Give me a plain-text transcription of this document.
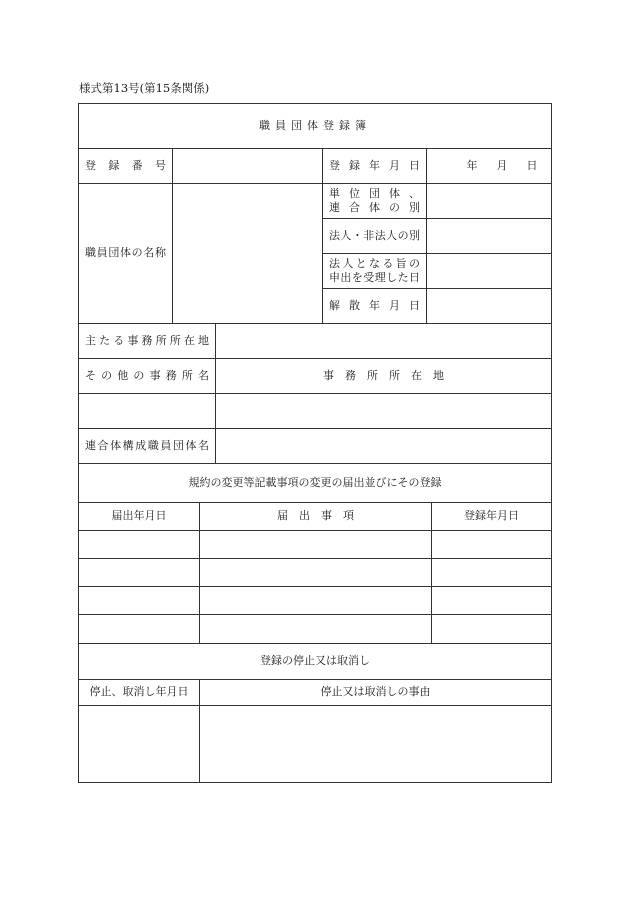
様式第13号(第15条関係)
職員団体登録簿
登　録　番　号	登録年月日	年 月 日
職員団体の名称
単位団体、
連合体の別
法人・非法人の別
法人となる旨の
申出を受理した日
解散年月日
主たる事務所所在地
その他の事務所名	事　務　所　所　在　地
連合体構成職員団体名
規約の変更等記載事項の変更の届出並びにその登録
届出年月日	届　出　事　項	登録年月日
登録の停止又は取消し
停止、取消し年月日	停止又は取消しの事由
